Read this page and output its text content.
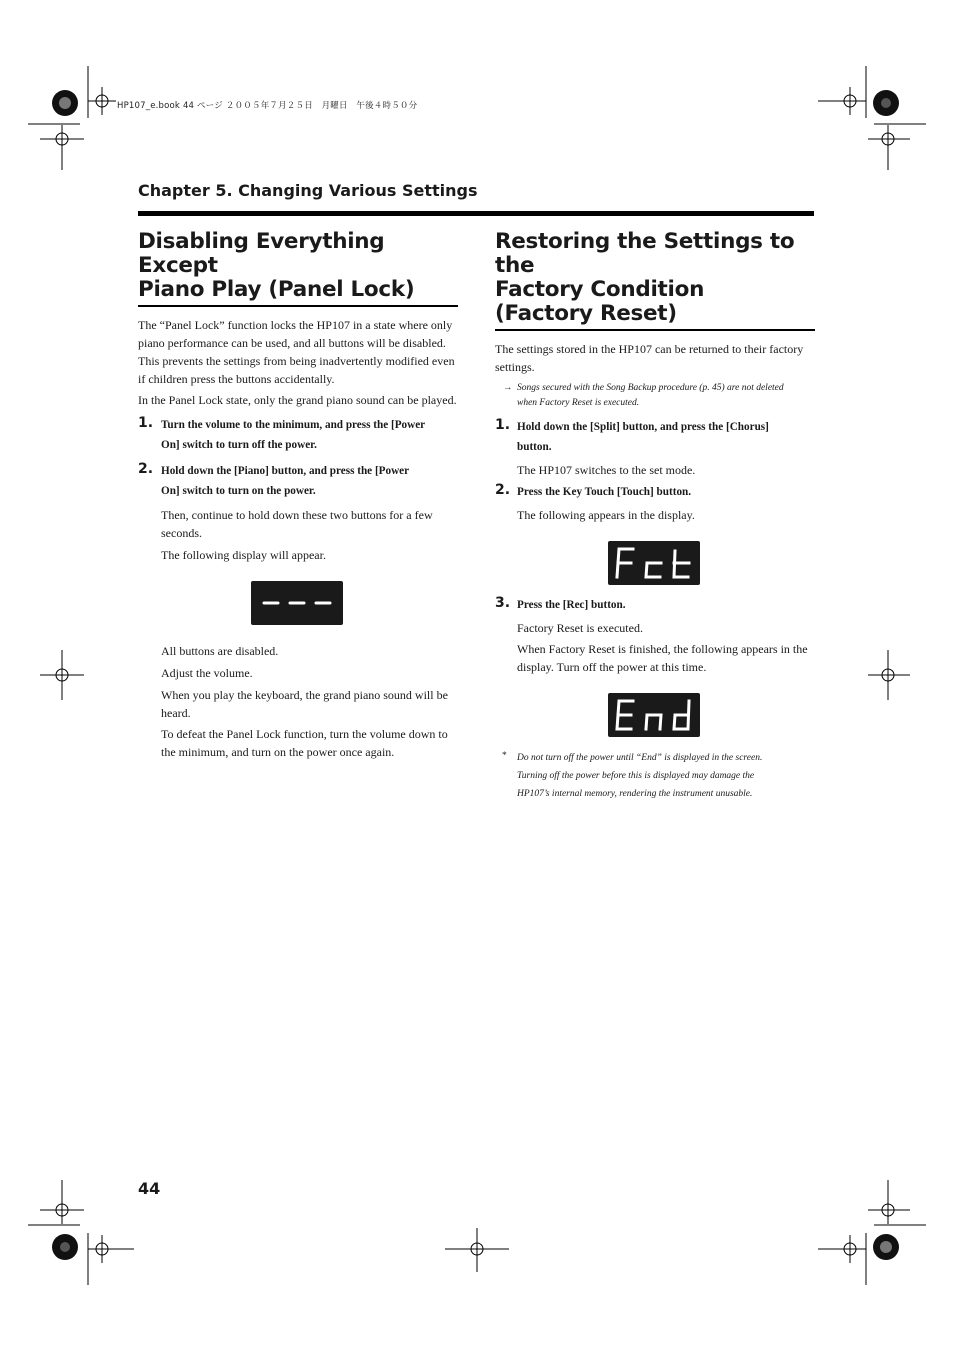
HP107_e.book 44 ページ ２００５年７月２５日　月曜日　午後４時５０分
Chapter 5. Changing Various Settings
Disabling Everything Except
Piano Play (Panel Lock)

The “Panel Lock” function locks the HP107 in a state where only piano performance can be used, and all buttons will be disabled. This prevents the settings from being inadvertently modified even if children press the buttons accidentally.

In the Panel Lock state, only the grand piano sound can be played.

1. Turn the volume to the minimum, and press the [Power
On] switch to turn off the power.
2. Hold down the [Piano] button, and press the [Power
On] switch to turn on the power.

Then, continue to hold down these two buttons for a few seconds.

The following display will appear.

All buttons are disabled.

Adjust the volume.

When you play the keyboard, the grand piano sound will be heard.

To defeat the Panel Lock function, turn the volume down to the minimum, and turn on the power once again.

Restoring the Settings to the
Factory Condition
(Factory Reset)

The settings stored in the HP107 can be returned to their factory settings.

→ Songs secured with the Song Backup procedure (p. 45) are not deleted
when Factory Reset is executed.
1. Hold down the [Split] button, and press the [Chorus]
button.

The HP107 switches to the set mode.

2. Press the Key Touch [Touch] button.

The following appears in the display.

3. Press the [Rec] button.

Factory Reset is executed.

When Factory Reset is finished, the following appears in the display. Turn off the power at this time.

* Do not turn off the power until “End” is displayed in the screen.
Turning off the power before this is displayed may damage the
HP107’s internal memory, rendering the instrument unusable.
44
